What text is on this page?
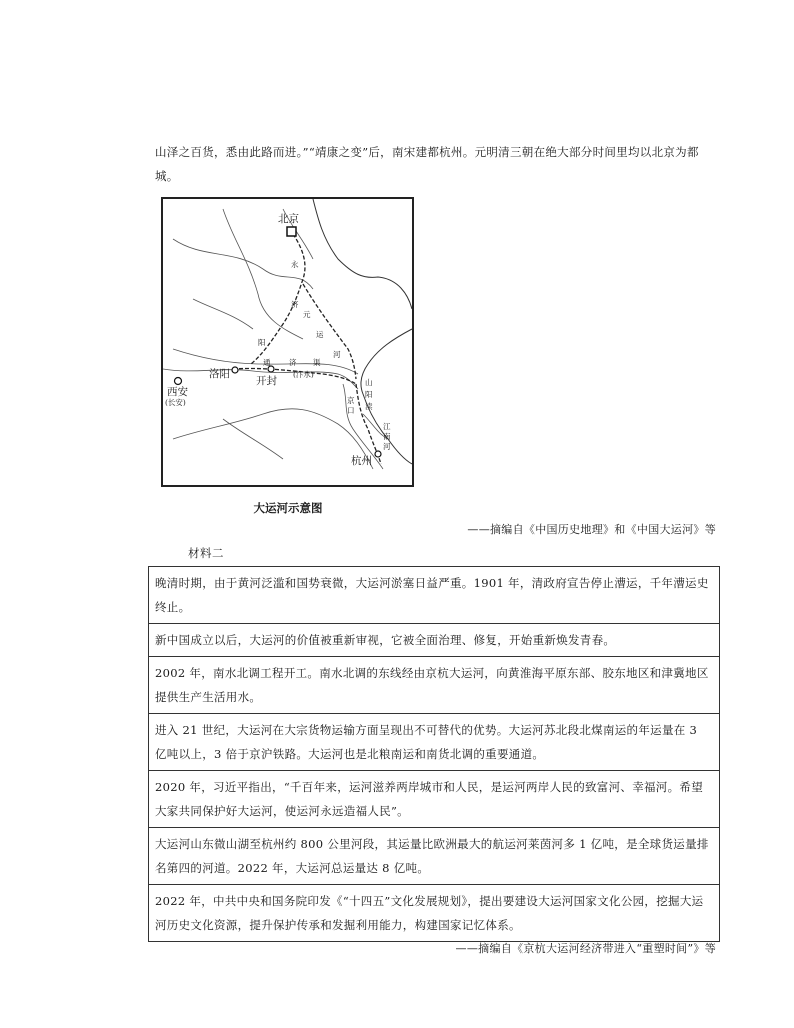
山泽之百货，悉由此路而进。”“靖康之变”后，南宋建都杭州。元明清三朝在绝大部分时间里均以北京为都城。
北京
西安
(长安)
洛阳
开封
(汴水)
杭州
永
济
元
运
河
阳
通 济 渠
山
阳
渎
京
口
江
南
河
大运河示意图
——摘编自《中国历史地理》和《中国大运河》等
材料二
晚清时期，由于黄河泛滥和国势衰微，大运河淤塞日益严重。1901 年，清政府宣告停止漕运，千年漕运史终止。
新中国成立以后，大运河的价值被重新审视，它被全面治理、修复，开始重新焕发青春。
2002 年，南水北调工程开工。南水北调的东线经由京杭大运河，向黄淮海平原东部、胶东地区和津冀地区提供生产生活用水。
进入 21 世纪，大运河在大宗货物运输方面呈现出不可替代的优势。大运河苏北段北煤南运的年运量在 3 亿吨以上，3 倍于京沪铁路。大运河也是北粮南运和南货北调的重要通道。
2020 年，习近平指出，“千百年来，运河滋养两岸城市和人民，是运河两岸人民的致富河、幸福河。希望大家共同保护好大运河，使运河永远造福人民”。
大运河山东微山湖至杭州约 800 公里河段，其运量比欧洲最大的航运河莱茵河多 1 亿吨，是全球货运量排名第四的河道。2022 年，大运河总运量达 8 亿吨。
2022 年，中共中央和国务院印发《“十四五”文化发展规划》，提出要建设大运河国家文化公园，挖掘大运河历史文化资源，提升保护传承和发掘利用能力，构建国家记忆体系。
——摘编自《京杭大运河经济带进入“重塑时间”》等
